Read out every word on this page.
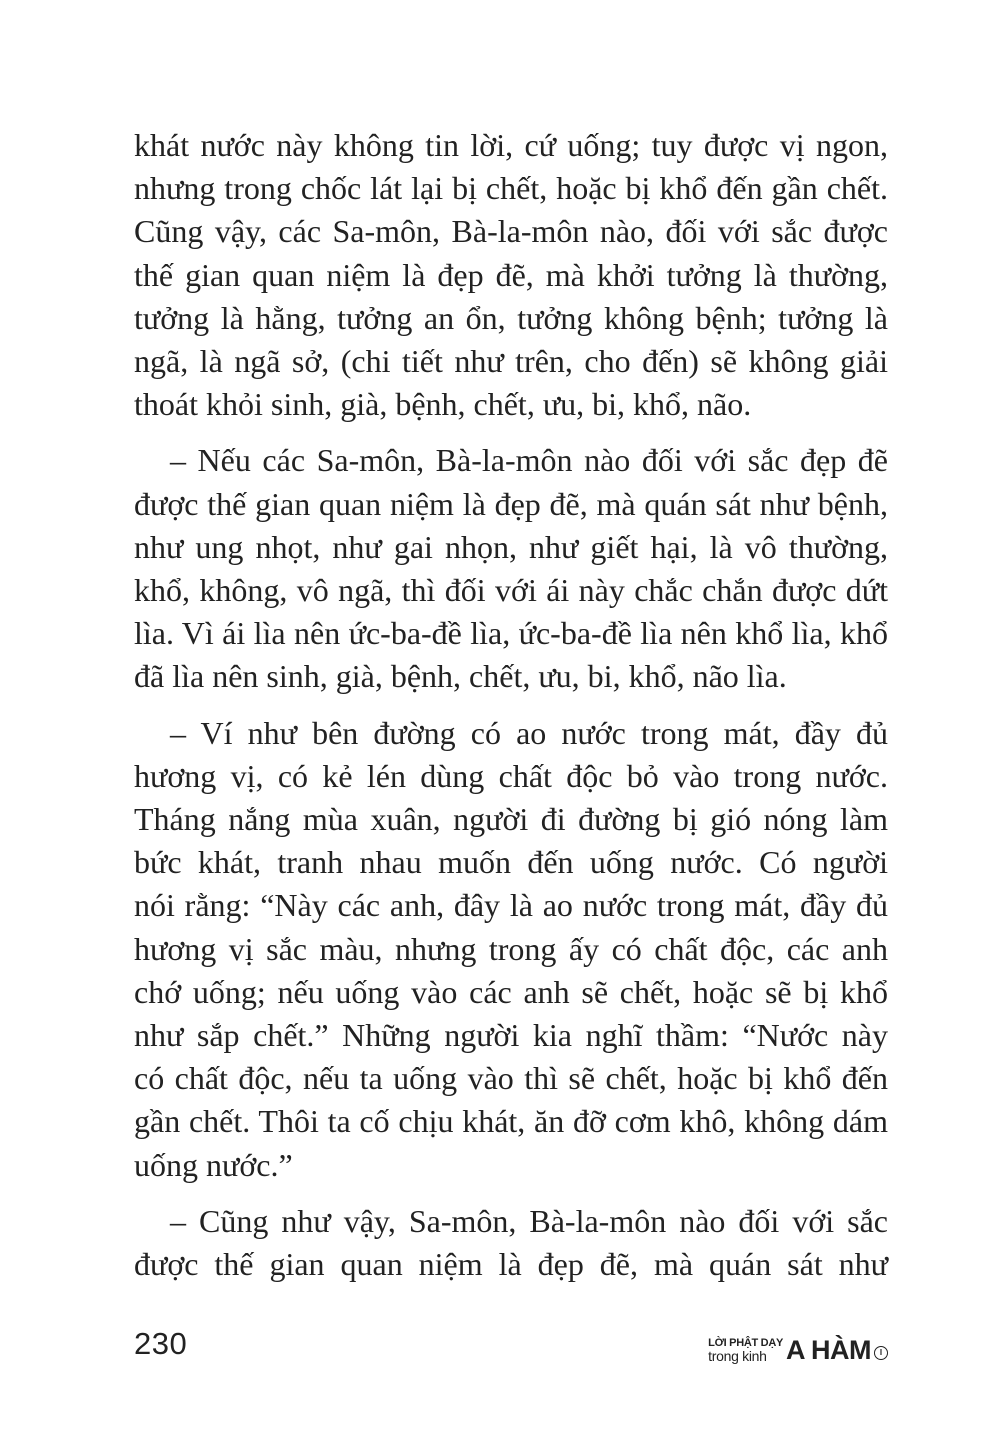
khát nước này không tin lời, cứ uống; tuy được vị ngon,
nhưng trong chốc lát lại bị chết, hoặc bị khổ đến gần chết.
Cũng vậy, các Sa-môn, Bà-la-môn nào, đối với sắc được
thế gian quan niệm là đẹp đẽ, mà khởi tưởng là thường,
tưởng là hằng, tưởng an ổn, tưởng không bệnh; tưởng là
ngã, là ngã sở, (chi tiết như trên, cho đến) sẽ không giải
thoát khỏi sinh, già, bệnh, chết, ưu, bi, khổ, não.

– Nếu các Sa-môn, Bà-la-môn nào đối với sắc đẹp đẽ
được thế gian quan niệm là đẹp đẽ, mà quán sát như bệnh,
như ung nhọt, như gai nhọn, như giết hại, là vô thường,
khổ, không, vô ngã, thì đối với ái này chắc chắn được dứt
lìa. Vì ái lìa nên ức-ba-đề lìa, ức-ba-đề lìa nên khổ lìa, khổ
đã lìa nên sinh, già, bệnh, chết, ưu, bi, khổ, não lìa.

– Ví như bên đường có ao nước trong mát, đầy đủ
hương vị, có kẻ lén dùng chất độc bỏ vào trong nước.
Tháng nắng mùa xuân, người đi đường bị gió nóng làm
bức khát, tranh nhau muốn đến uống nước. Có người
nói rằng: “Này các anh, đây là ao nước trong mát, đầy đủ
hương vị sắc màu, nhưng trong ấy có chất độc, các anh
chớ uống; nếu uống vào các anh sẽ chết, hoặc sẽ bị khổ
như sắp chết.” Những người kia nghĩ thầm: “Nước này
có chất độc, nếu ta uống vào thì sẽ chết, hoặc bị khổ đến
gần chết. Thôi ta cố chịu khát, ăn đỡ cơm khô, không dám
uống nước.”

– Cũng như vậy, Sa-môn, Bà-la-môn nào đối với sắc
được thế gian quan niệm là đẹp đẽ, mà quán sát như

230	LỜI PHẬT DẠY
trong kinh A HÀM	I
